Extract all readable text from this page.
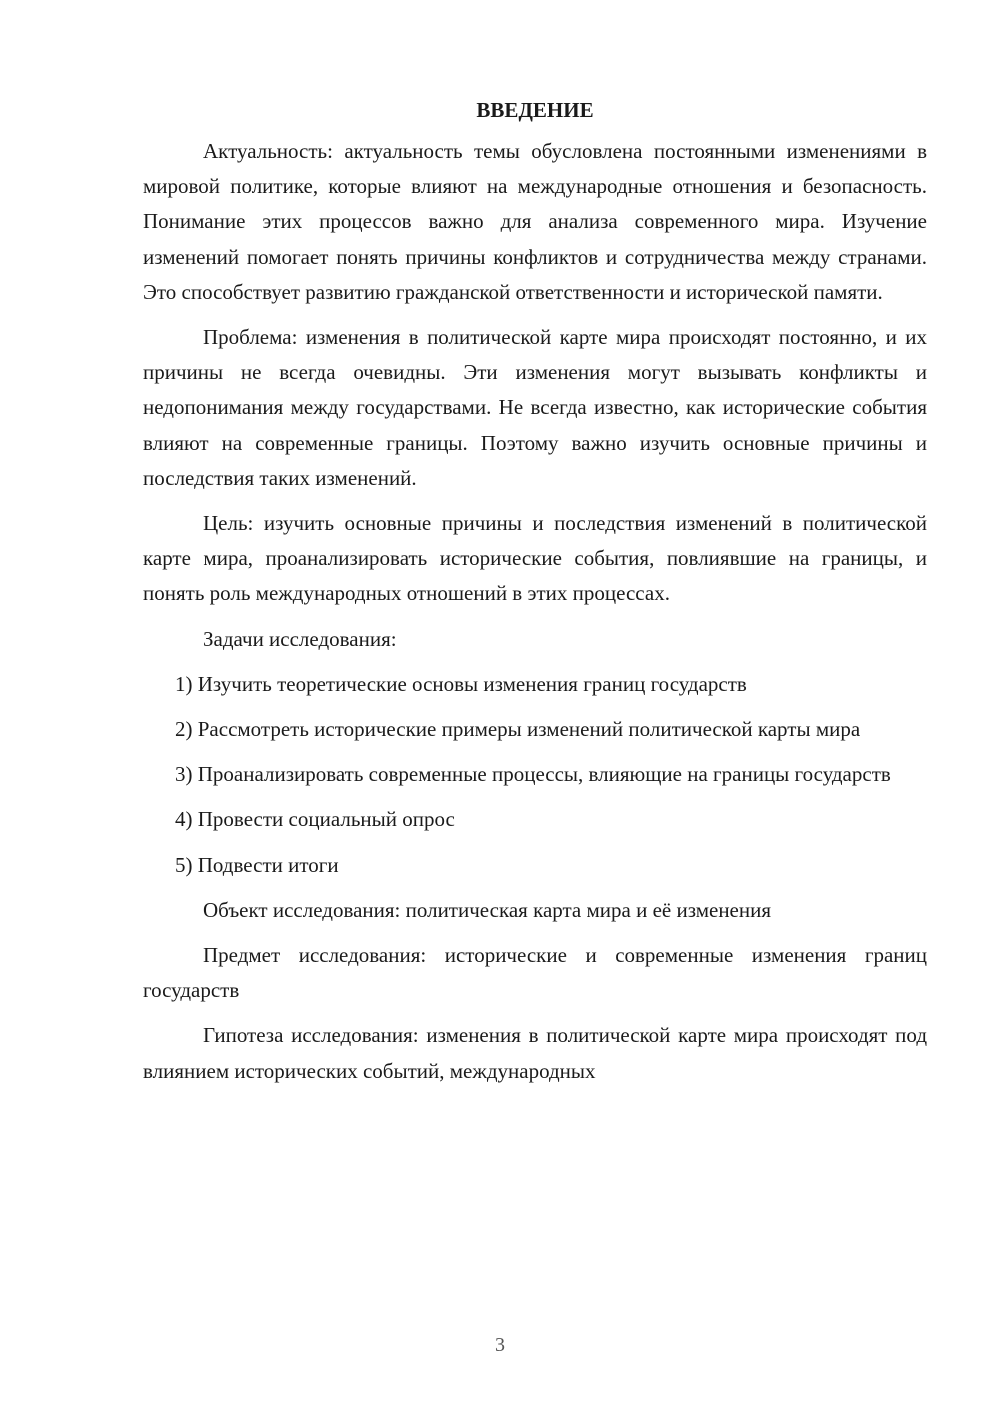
ВВЕДЕНИЕ

Актуальность: актуальность темы обусловлена постоянными изменениями в мировой политике, которые влияют на международные отношения и безопасность. Понимание этих процессов важно для анализа современного мира. Изучение изменений помогает понять причины конфликтов и сотрудничества между странами. Это способствует развитию гражданской ответственности и исторической памяти.

Проблема: изменения в политической карте мира происходят постоянно, и их причины не всегда очевидны. Эти изменения могут вызывать конфликты и недопонимания между государствами. Не всегда известно, как исторические события влияют на современные границы. Поэтому важно изучить основные причины и последствия таких изменений.

Цель: изучить основные причины и последствия изменений в политической карте мира, проанализировать исторические события, повлиявшие на границы, и понять роль международных отношений в этих процессах.

Задачи исследования:

1) Изучить теоретические основы изменения границ государств

2) Рассмотреть исторические примеры изменений политической карты мира

3) Проанализировать современные процессы, влияющие на границы государств

4) Провести социальный опрос

5) Подвести итоги

Объект исследования: политическая карта мира и её изменения

Предмет исследования: исторические и современные изменения границ государств

Гипотеза исследования: изменения в политической карте мира происходят под влиянием исторических событий, международных

3
